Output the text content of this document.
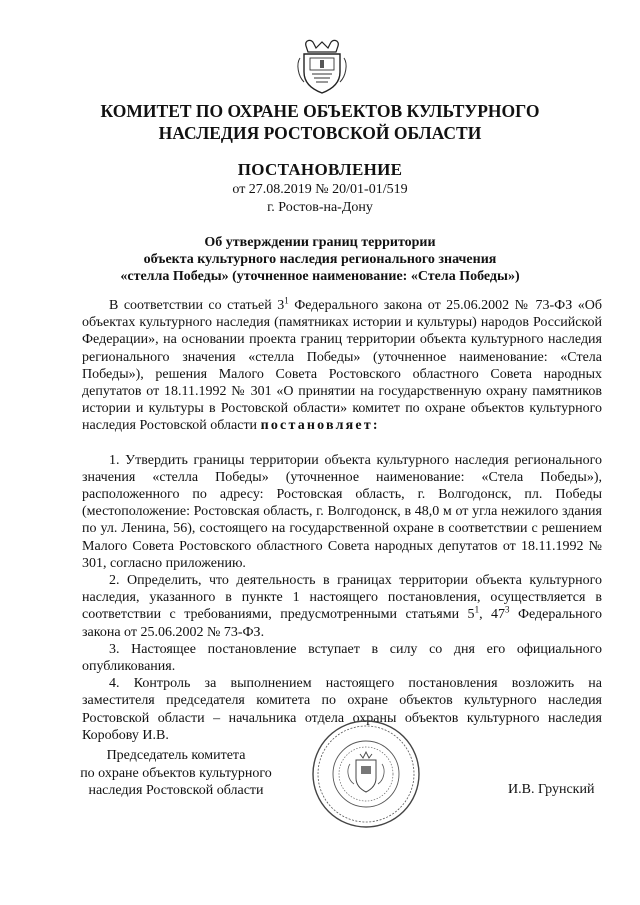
КОМИТЕТ ПО ОХРАНЕ ОБЪЕКТОВ КУЛЬТУРНОГО
НАСЛЕДИЯ РОСТОВСКОЙ ОБЛАСТИ
ПОСТАНОВЛЕНИЕ
от 27.08.2019 № 20/01-01/519
г. Ростов-на-Дону
Об утверждении границ территории
объекта культурного наследия регионального значения
«стелла Победы» (уточненное наименование: «Стела Победы»)

В соответствии со статьей $3^1$ Федерального закона от 25.06.2002 № 73-ФЗ «Об объектах культурного наследия (памятниках истории и культуры) народов Российской Федерации», на основании проекта границ территории объекта культурного наследия регионального значения «стелла Победы» (уточненное наименование: «Стела Победы»), решения Малого Совета Ростовского областного Совета народных депутатов от 18.11.1992 № 301 «О принятии на государственную охрану памятников истории и культуры в Ростовской области» комитет по охране объектов культурного наследия Ростовской области постановляет:

1. Утвердить границы территории объекта культурного наследия регионального значения «стелла Победы» (уточненное наименование: «Стела Победы»), расположенного по адресу: Ростовская область, г. Волгодонск, пл. Победы (местоположение: Ростовская область, г. Волгодонск, в 48,0 м от угла нежилого здания по ул. Ленина, 56), состоящего на государственной охране в соответствии с решением Малого Совета Ростовского областного Совета народных депутатов от 18.11.1992 № 301, согласно приложению.

2. Определить, что деятельность в границах территории объекта культурного наследия, указанного в пункте 1 настоящего постановления, осуществляется в соответствии с требованиями, предусмотренными статьями $5^1$, $47^3$ Федерального закона от 25.06.2002 № 73-ФЗ.

3. Настоящее постановление вступает в силу со дня его официального опубликования.

4. Контроль за выполнением настоящего постановления возложить на заместителя председателя комитета по охране объектов культурного наследия Ростовской области – начальника отдела охраны объектов культурного наследия Коробову И.В.

Председатель комитета
по охране объектов культурного
наследия Ростовской области	И.В. Грунский
